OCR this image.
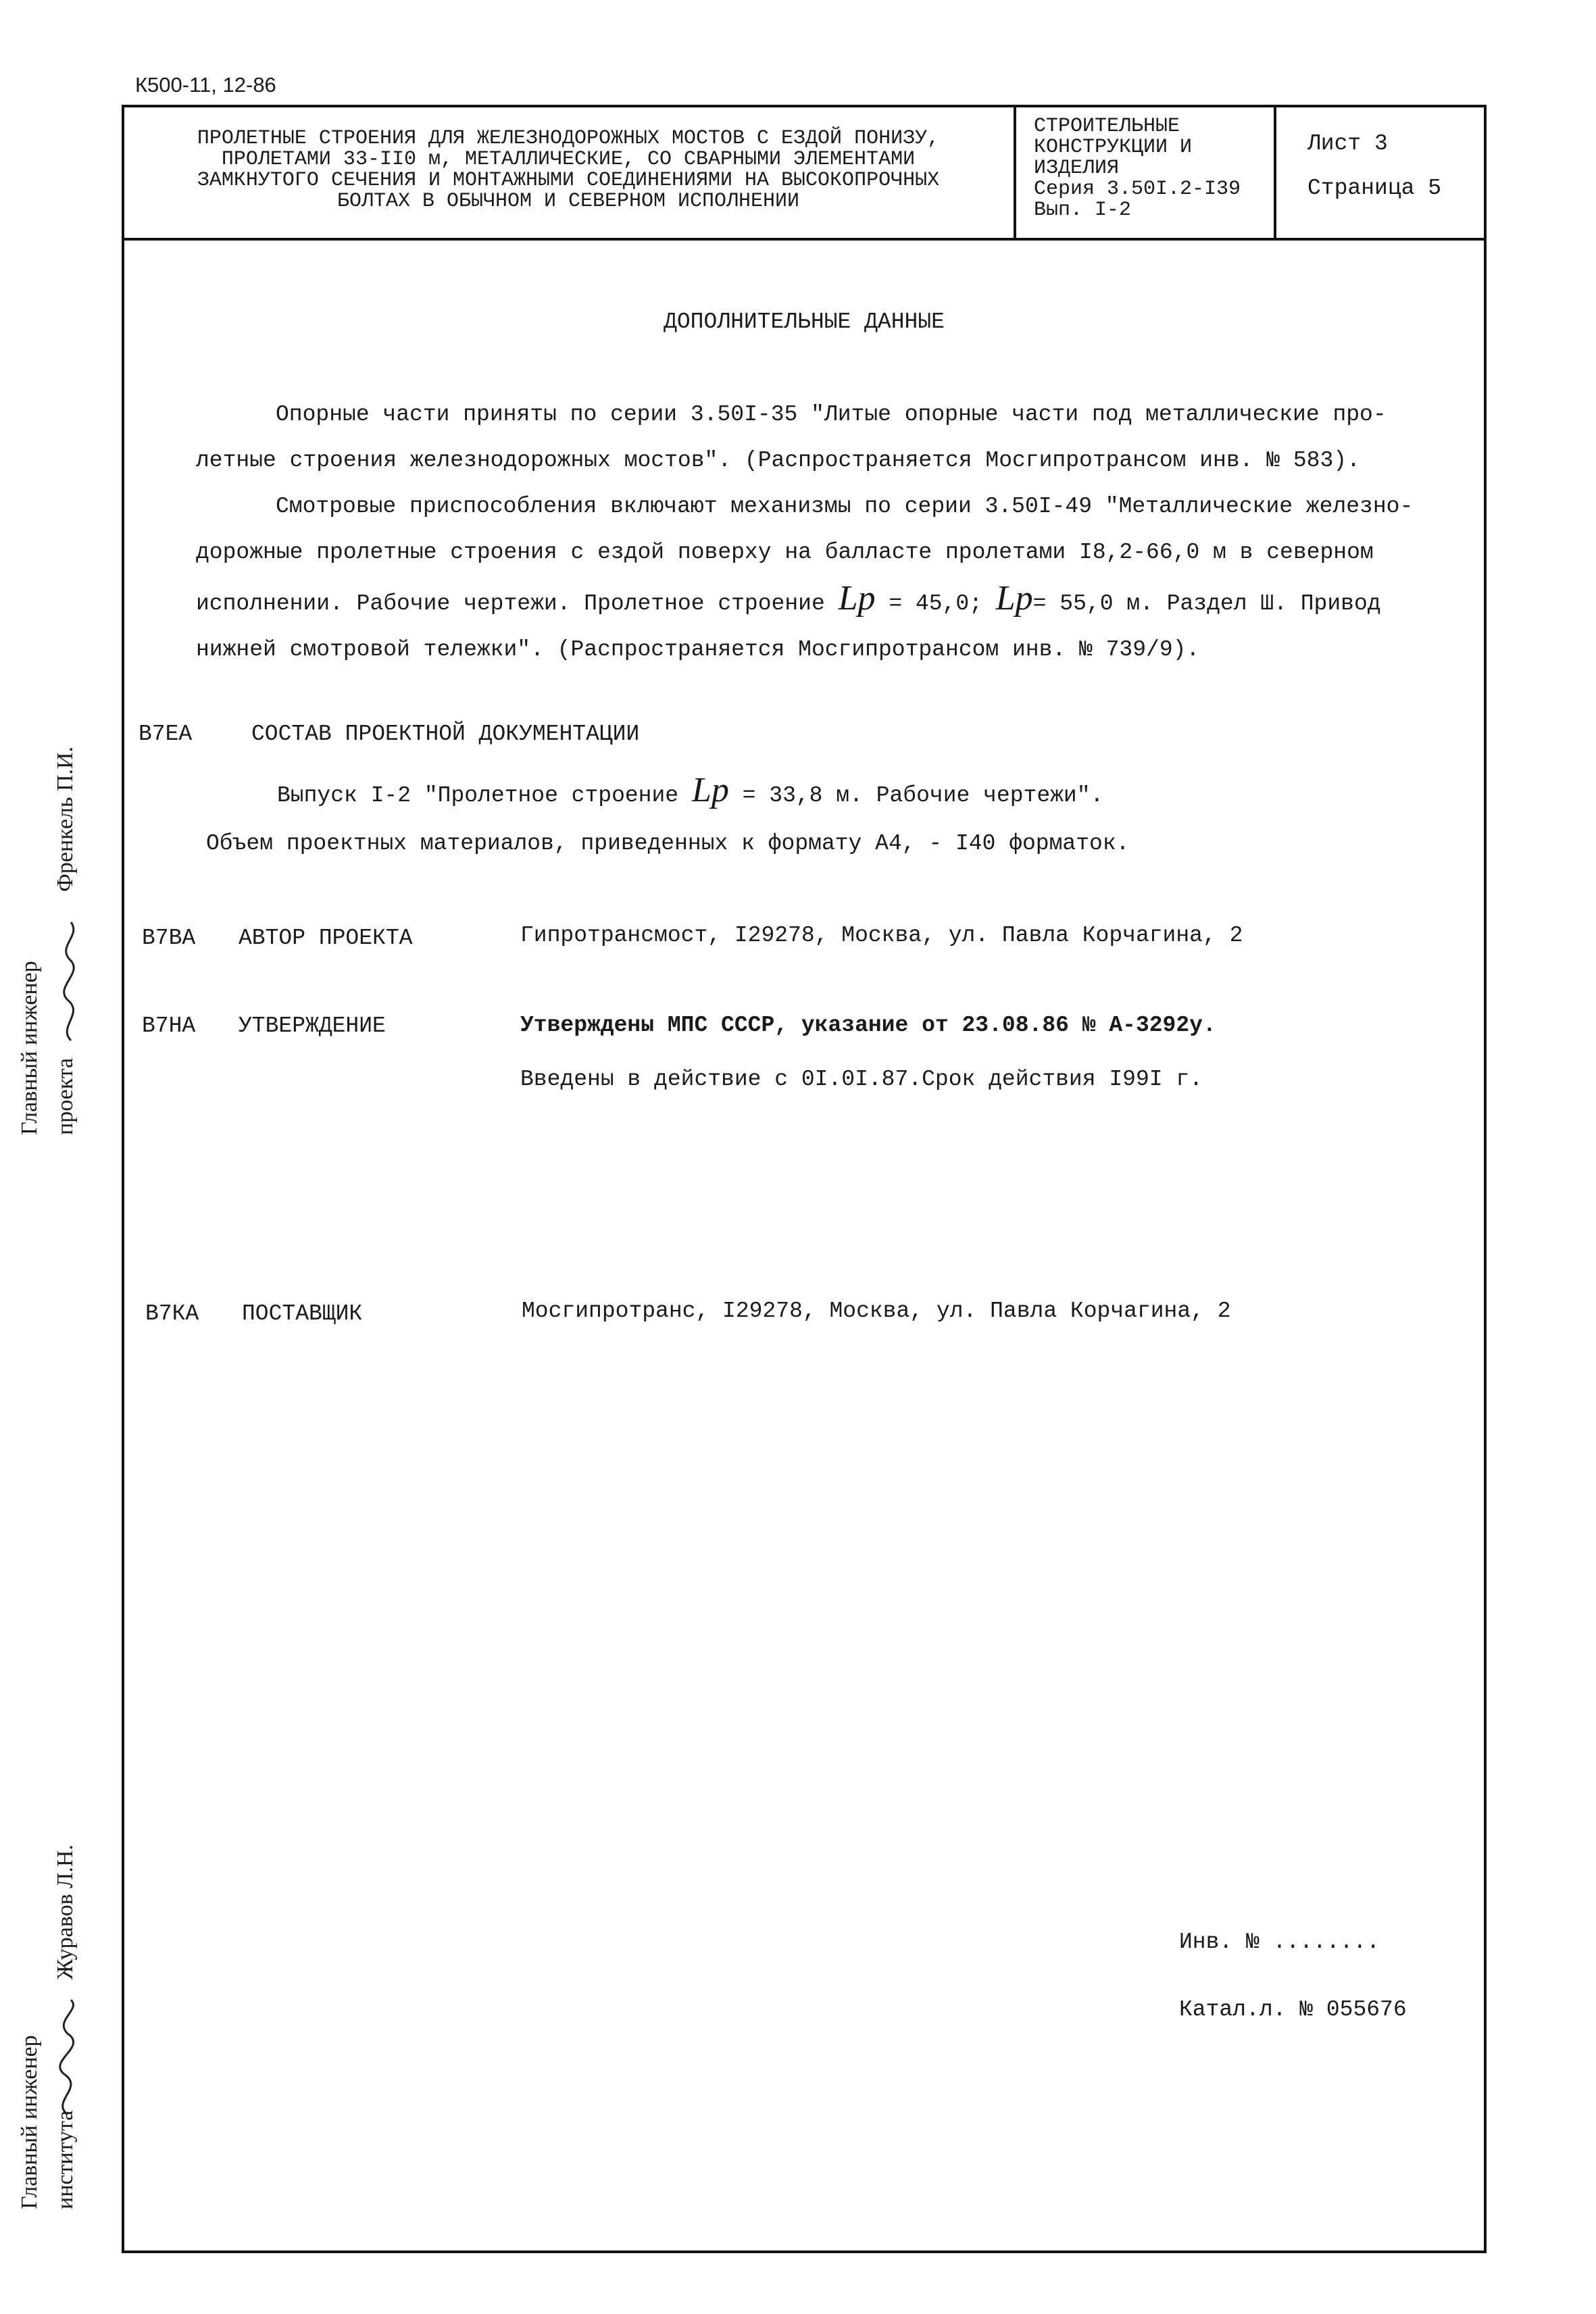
К500-11, 12-86
ПРОЛЕТНЫЕ СТРОЕНИЯ ДЛЯ ЖЕЛЕЗНОДОРОЖНЫХ МОСТОВ С ЕЗДОЙ ПОНИЗУ,
ПРОЛЕТАМИ 33-II0 м, МЕТАЛЛИЧЕСКИЕ, СО СВАРНЫМИ ЭЛЕМЕНТАМИ
ЗАМКНУТОГО СЕЧЕНИЯ И МОНТАЖНЫМИ СОЕДИНЕНИЯМИ НА ВЫСОКОПРОЧНЫХ
БОЛТАХ В ОБЫЧНОМ И СЕВЕРНОМ ИСПОЛНЕНИИ
СТРОИТЕЛЬНЫЕ
КОНСТРУКЦИИ И
ИЗДЕЛИЯ
Серия 3.50I.2-I39
Вып. I-2
Лист 3
Страница 5
ДОПОЛНИТЕЛЬНЫЕ ДАННЫЕ
Опорные части приняты по серии 3.50I-35 "Литые опорные части под металлические про-
летные строения железнодорожных мостов". (Распространяется Мосгипротрансом инв. № 583).
Смотровые приспособления включают механизмы по серии 3.50I-49 "Металлические железно-
дорожные пролетные строения с ездой поверху на балласте пролетами I8,2-66,0 м в северном
исполнении. Рабочие чертежи. Пролетное строение Lр = 45,0; Lр= 55,0 м. Раздел Ш. Привод
нижней смотровой тележки". (Распространяется Мосгипротрансом инв. № 739/9).
В7ЕА	СОСТАВ ПРОЕКТНОЙ ДОКУМЕНТАЦИИ
Выпуск I-2 "Пролетное строение Lр = 33,8 м. Рабочие чертежи".
Объем проектных материалов, приведенных к формату А4, - I40 форматок.
В7ВА АВТОР ПРОЕКТА	Гипротрансмост, I29278, Москва, ул. Павла Корчагина, 2
В7НА УТВЕРЖДЕНИЕ	Утверждены МПС СССР, указание от 23.08.86 № А-3292у.
Введены в действие с 0I.0I.87.Срок действия I99I г.
В7КА ПОСТАВЩИК	Мосгипротранс, I29278, Москва, ул. Павла Корчагина, 2
Инв. № ........
Катал.л. № 055676
Главный инженер проекта
Френкель П.И.
Главный инженер института
Журавов Л.Н.
